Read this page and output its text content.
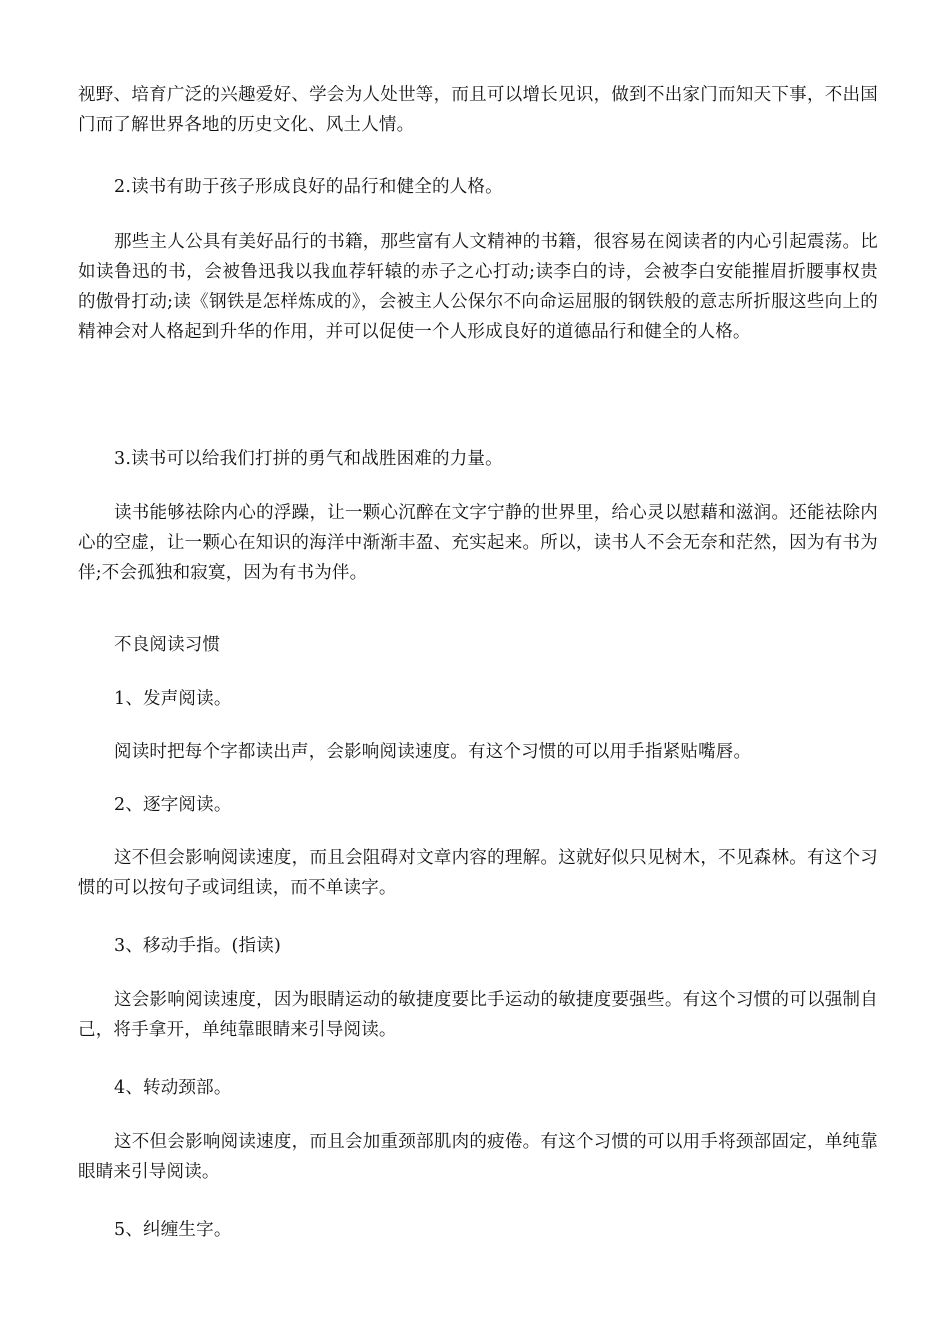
视野、培育广泛的兴趣爱好、学会为人处世等，而且可以增长见识，做到不出家门而知天下事，不出国门而了解世界各地的历史文化、风土人情。

2.读书有助于孩子形成良好的品行和健全的人格。

那些主人公具有美好品行的书籍，那些富有人文精神的书籍，很容易在阅读者的内心引起震荡。比如读鲁迅的书，会被鲁迅我以我血荐轩辕的赤子之心打动;读李白的诗，会被李白安能摧眉折腰事权贵的傲骨打动;读《钢铁是怎样炼成的》，会被主人公保尔不向命运屈服的钢铁般的意志所折服这些向上的精神会对人格起到升华的作用，并可以促使一个人形成良好的道德品行和健全的人格。

3.读书可以给我们打拼的勇气和战胜困难的力量。

读书能够祛除内心的浮躁，让一颗心沉醉在文字宁静的世界里，给心灵以慰藉和滋润。还能祛除内心的空虚，让一颗心在知识的海洋中渐渐丰盈、充实起来。所以，读书人不会无奈和茫然，因为有书为伴;不会孤独和寂寞，因为有书为伴。

不良阅读习惯

1、发声阅读。

阅读时把每个字都读出声，会影响阅读速度。有这个习惯的可以用手指紧贴嘴唇。

2、逐字阅读。

这不但会影响阅读速度，而且会阻碍对文章内容的理解。这就好似只见树木，不见森林。有这个习惯的可以按句子或词组读，而不单读字。

3、移动手指。(指读)

这会影响阅读速度，因为眼睛运动的敏捷度要比手运动的敏捷度要强些。有这个习惯的可以强制自己，将手拿开，单纯靠眼睛来引导阅读。

4、转动颈部。

这不但会影响阅读速度，而且会加重颈部肌肉的疲倦。有这个习惯的可以用手将颈部固定，单纯靠眼睛来引导阅读。

5、纠缠生字。
